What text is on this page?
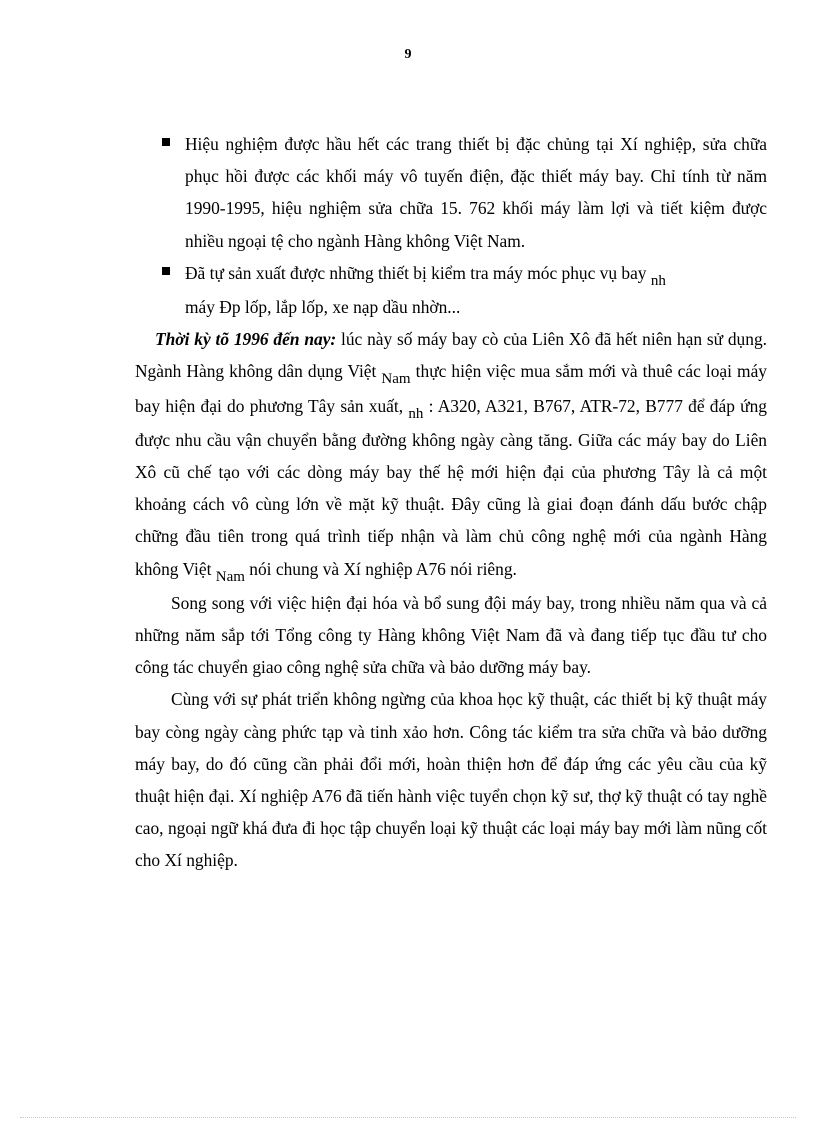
9
Hiệu nghiệm được hầu hết các trang thiết bị đặc chủng tại Xí nghiệp, sửa chữa phục hồi được các khối máy vô tuyến điện, đặc thiết máy bay. Chỉ tính từ năm 1990-1995, hiệu nghiệm sửa chữa 15. 762 khối máy làm lợi và tiết kiệm được nhiều ngoại tệ cho ngành Hàng không Việt Nam.
Đã tự sản xuất được những thiết bị kiểm tra máy móc phục vụ bay nh
máy Đp lốp, lắp lốp, xe nạp dầu nhờn...

Thời kỳ tõ 1996 đến nay: lúc này số máy bay cò của Liên Xô đã hết niên hạn sử dụng. Ngành Hàng không dân dụng Việt Nam thực hiện việc mua sắm mới và thuê các loại máy bay hiện đại do phương Tây sản xuất, nh : A320, A321, B767, ATR-72, B777 để đáp ứng được nhu cầu vận chuyển bằng đường không ngày càng tăng. Giữa các máy bay do Liên Xô cũ chế tạo với các dòng máy bay thế hệ mới hiện đại của phương Tây là cả một khoảng cách vô cùng lớn về mặt kỹ thuật. Đây cũng là giai đoạn đánh dấu bước chập chững đầu tiên trong quá trình tiếp nhận và làm chủ công nghệ mới của ngành Hàng không Việt Nam nói chung và Xí nghiệp A76 nói riêng.

Song song với việc hiện đại hóa và bổ sung đội máy bay, trong nhiều năm qua và cả những năm sắp tới Tổng công ty Hàng không Việt Nam đã và đang tiếp tục đầu tư cho công tác chuyển giao công nghệ sửa chữa và bảo dưỡng máy bay.

Cùng với sự phát triển không ngừng của khoa học kỹ thuật, các thiết bị kỹ thuật máy bay còng ngày càng phức tạp và tinh xảo hơn. Công tác kiểm tra sửa chữa và bảo dưỡng máy bay, do đó cũng cần phải đổi mới, hoàn thiện hơn để đáp ứng các yêu cầu của kỹ thuật hiện đại. Xí nghiệp A76 đã tiến hành việc tuyển chọn kỹ sư, thợ kỹ thuật có tay nghề cao, ngoại ngữ khá đưa đi học tập chuyển loại kỹ thuật các loại máy bay mới làm nũng cốt cho Xí nghiệp.
